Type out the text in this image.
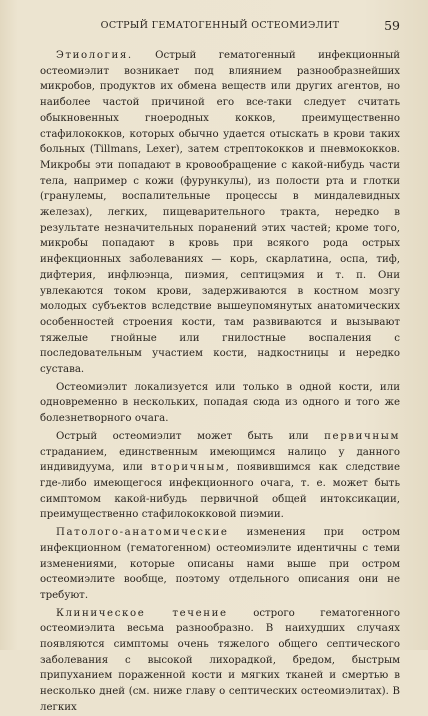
ОСТРЫЙ ГЕМАТОГЕННЫЙ ОСТЕОМИЭЛИТ	59

Этиология. Острый гематогенный инфекционный остеомиэлит возникает под влиянием разнообразнейших микробов, продуктов их обмена веществ или других агентов, но наиболее частой причиной его все-таки следует считать обыкновенных гноеродных кокков, преимущественно стафилококков, которых обычно удается отыскать в крови таких больных (Tillmans, Lexer), затем стрептококков и пневмококков. Микробы эти попадают в кровообращение с какой-нибудь части тела, например с кожи (фурункулы), из полости рта и глотки (гранулемы, воспалительные процессы в миндалевидных железах), легких, пищеварительного тракта, нередко в результате незначительных поранений этих частей; кроме того, микробы попадают в кровь при всякого рода острых инфекционных заболеваниях — корь, скарлатина, оспа, тиф, дифтерия, инфлюэнца, пиэмия, септицэмия и т. п. Они увлекаются током крови, задерживаются в костном мозгу молодых субъектов вследствие вышеупомянутых анатомических особенностей строения кости, там развиваются и вызывают тяжелые гнойные или гнилостные воспаления с последовательным участием кости, надкостницы и нередко сустава.

Остеомиэлит локализуется или только в одной кости, или одновременно в нескольких, попадая сюда из одного и того же болезнетворного очага.

Острый остеомиэлит может быть или первичным страданием, единственным имеющимся налицо у данного индивидуума, или вторичным, появившимся как следствие где-либо имеющегося инфекционного очага, т. е. может быть симптомом какой-нибудь первичной общей интоксикации, преимущественно стафилококковой пиэмии.

Патолого-анатомические изменения при остром инфекционном (гематогенном) остеомиэлите идентичны с теми изменениями, которые описаны нами выше при остром остеомиэлите вообще, поэтому отдельного описания они не требуют.

Клиническое течение острого гематогенного остеомиэлита весьма разнообразно. В наихудших случаях появляются симптомы очень тяжелого общего септического заболевания с высокой лихорадкой, бредом, быстрым припуханием пораженной кости и мягких тканей и смертью в несколько дней (см. ниже главу о септических остеомиэлитах). В легких
